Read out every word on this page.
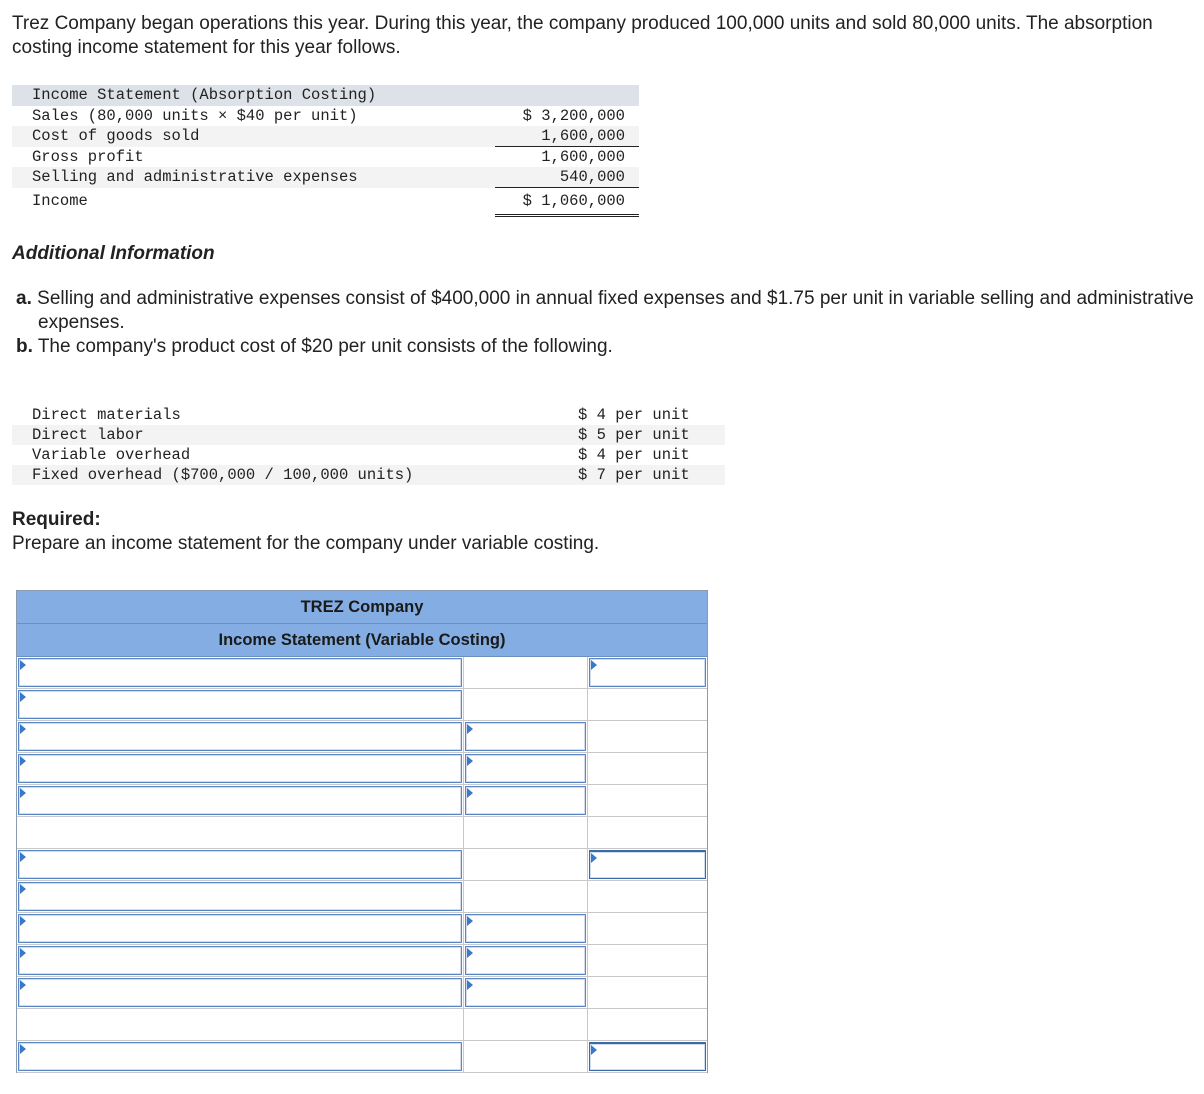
Trez Company began operations this year. During this year, the company produced 100,000 units and sold 80,000 units. The absorption costing income statement for this year follows.

Income Statement (Absorption Costing)
Sales (80,000 units × $40 per unit)	$ 3,200,000
Cost of goods sold	1,600,000
Gross profit	1,600,000
Selling and administrative expenses	540,000
Income	$ 1,060,000

Additional Information

a. Selling and administrative expenses consist of $400,000 in annual fixed expenses and $1.75 per unit in variable selling and administrative expenses.
b. The company's product cost of $20 per unit consists of the following.
Direct materials	$ 4 per unit
Direct labor	$ 5 per unit
Variable overhead	$ 4 per unit
Fixed overhead ($700,000 / 100,000 units)	$ 7 per unit

Required:

Prepare an income statement for the company under variable costing.

TREZ Company
Income Statement (Variable Costing)
